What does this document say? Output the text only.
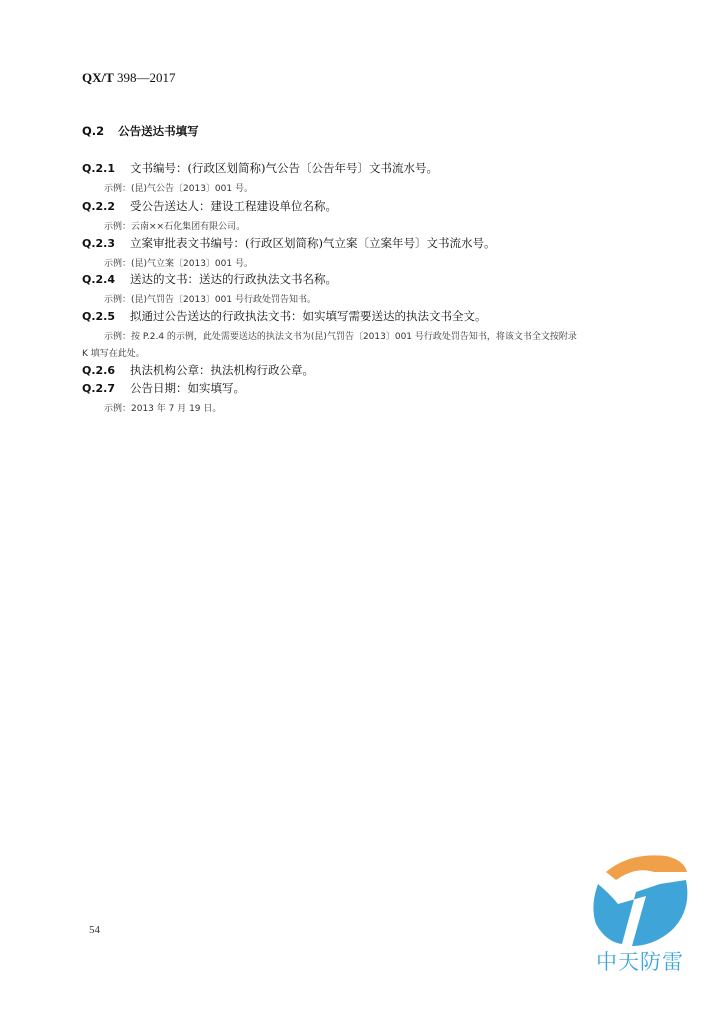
QX/T 398—2017
Q.2 公告送达书填写
Q.2.1 文书编号：(行政区划简称)气公告〔公告年号〕文书流水号。
示例：(昆)气公告〔2013〕001 号。
Q.2.2 受公告送达人：建设工程建设单位名称。
示例：云南××石化集团有限公司。
Q.2.3 立案审批表文书编号：(行政区划简称)气立案〔立案年号〕文书流水号。
示例：(昆)气立案〔2013〕001 号。
Q.2.4 送达的文书：送达的行政执法文书名称。
示例：(昆)气罚告〔2013〕001 号行政处罚告知书。
Q.2.5 拟通过公告送达的行政执法文书：如实填写需要送达的执法文书全文。
示例：按 P.2.4 的示例，此处需要送达的执法文书为(昆)气罚告〔2013〕001 号行政处罚告知书，将该文书全文按附录
K 填写在此处。
Q.2.6 执法机构公章：执法机构行政公章。
Q.2.7 公告日期：如实填写。
示例：2013 年 7 月 19 日。
54
中天防雷
